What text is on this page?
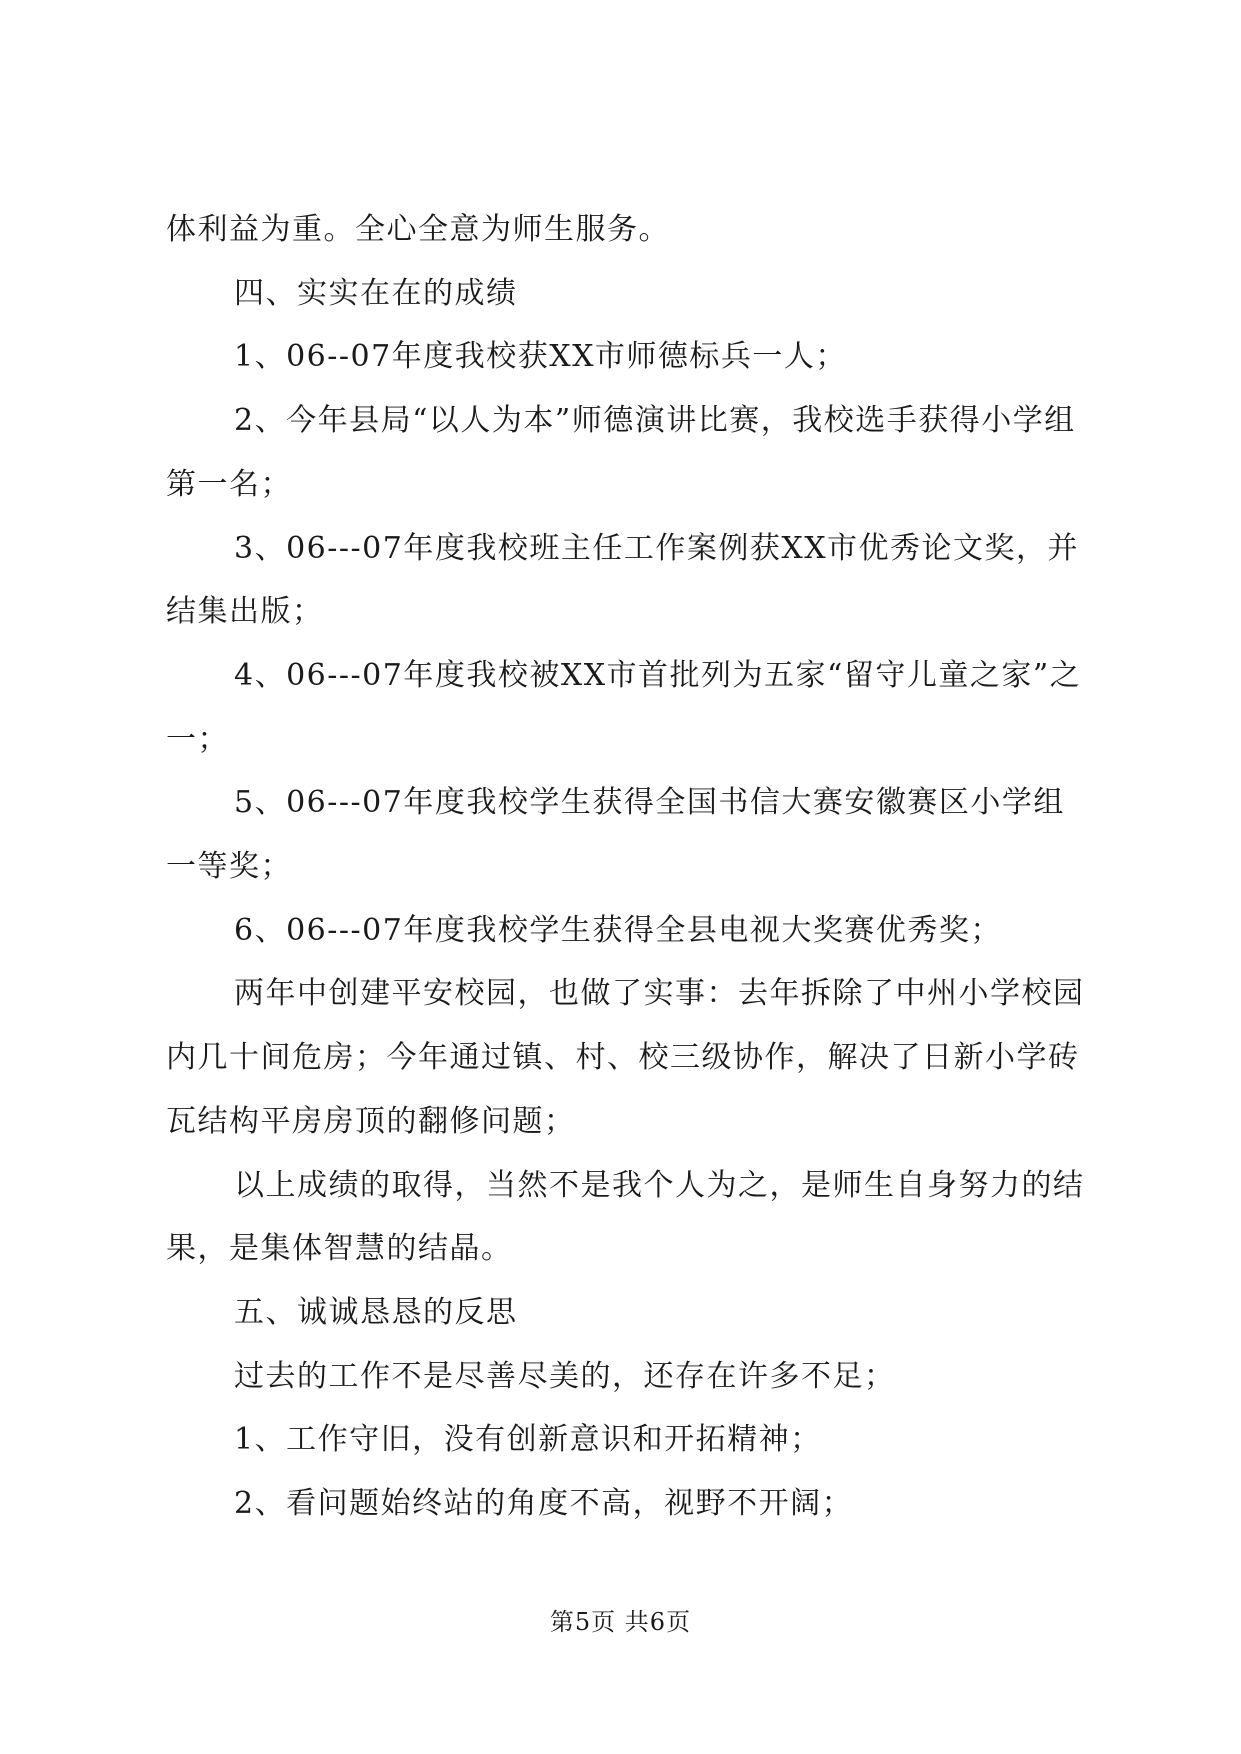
体利益为重。全心全意为师生服务。

四、实实在在的成绩

1、06--07年度我校获XX市师德标兵一人；

2、今年县局“以人为本”师德演讲比赛，我校选手获得小学组第一名；

3、06---07年度我校班主任工作案例获XX市优秀论文奖，并结集出版；

4、06---07年度我校被XX市首批列为五家“留守儿童之家”之一；

5、06---07年度我校学生获得全国书信大赛安徽赛区小学组一等奖；

6、06---07年度我校学生获得全县电视大奖赛优秀奖；

两年中创建平安校园，也做了实事：去年拆除了中州小学校园内几十间危房；今年通过镇、村、校三级协作，解决了日新小学砖瓦结构平房房顶的翻修问题；

以上成绩的取得，当然不是我个人为之，是师生自身努力的结果，是集体智慧的结晶。

五、诚诚恳恳的反思

过去的工作不是尽善尽美的，还存在许多不足；

1、工作守旧，没有创新意识和开拓精神；

2、看问题始终站的角度不高，视野不开阔；

第5页 共6页
